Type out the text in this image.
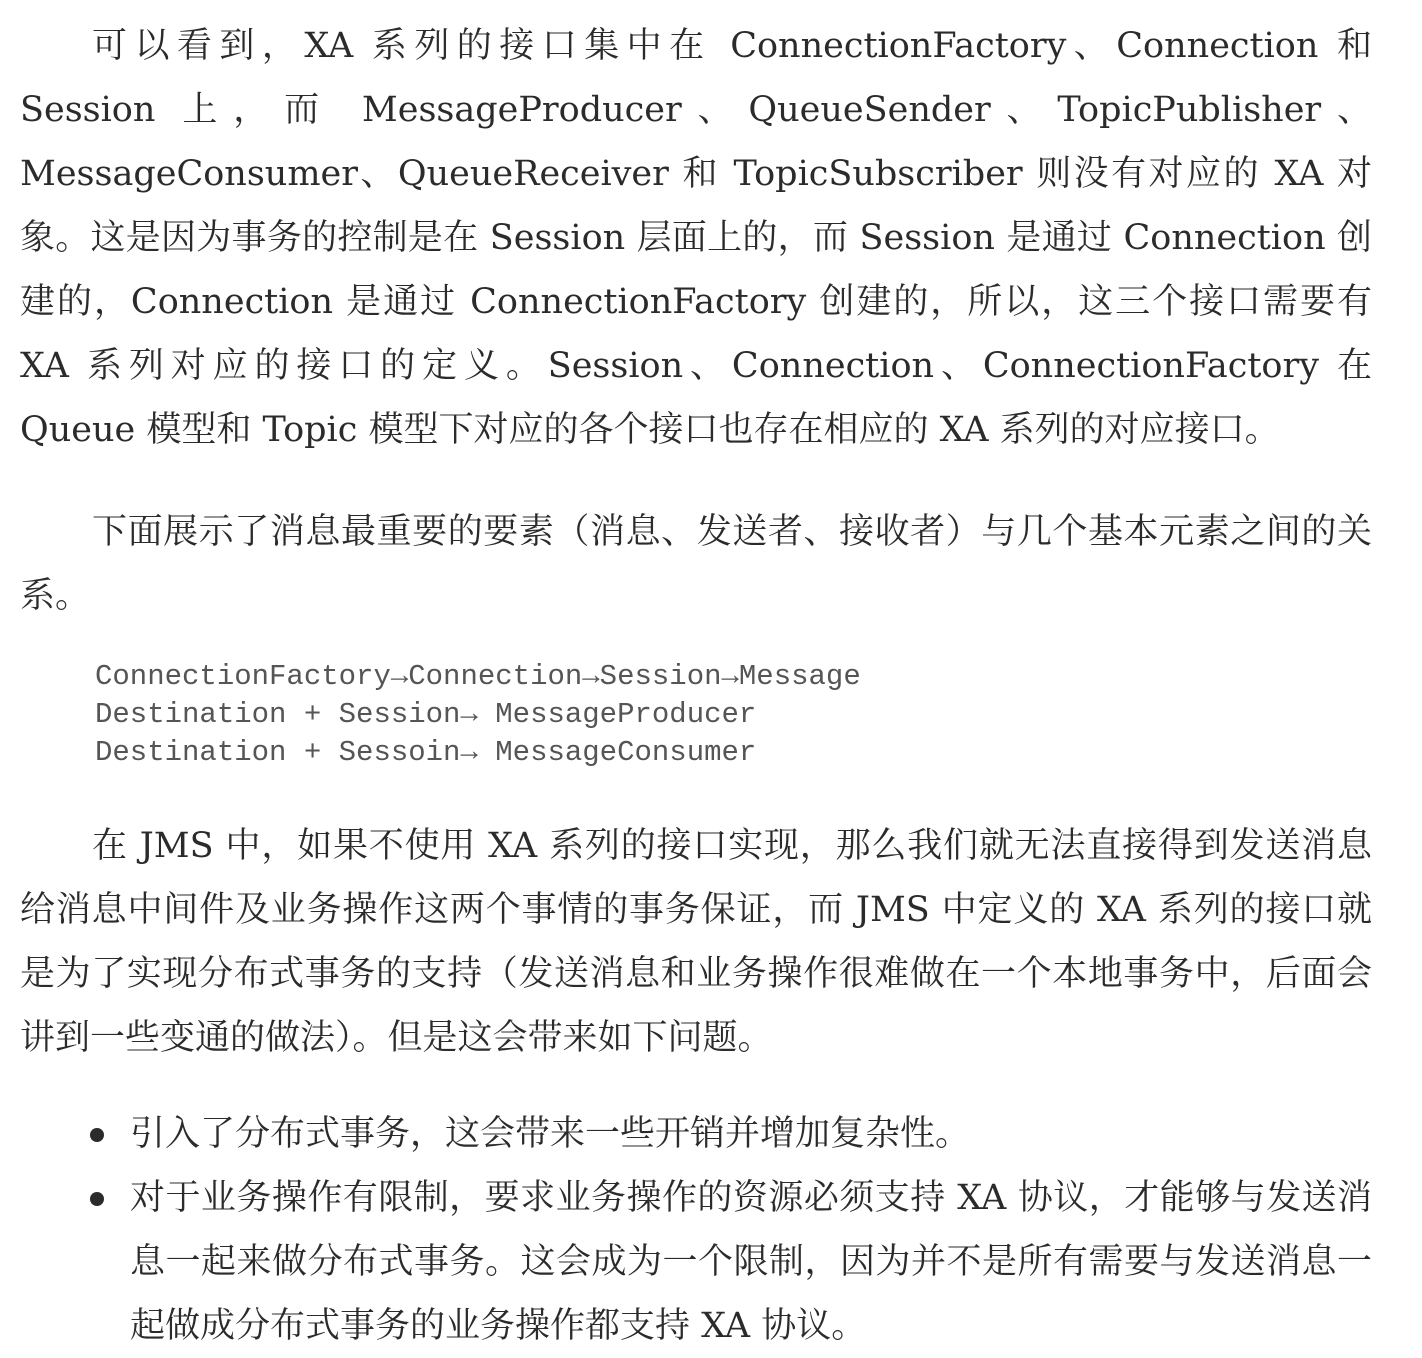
可以看到，XA 系列的接口集中在 ConnectionFactory、Connection 和 Session 上，而 MessageProducer、QueueSender、TopicPublisher、MessageConsumer、QueueReceiver 和 TopicSubscriber 则没有对应的 XA 对象。这是因为事务的控制是在 Session 层面上的，而 Session 是通过 Connection 创建的，Connection 是通过 ConnectionFactory 创建的，所以，这三个接口需要有 XA 系列对应的接口的定义。Session、Connection、ConnectionFactory 在 Queue 模型和 Topic 模型下对应的各个接口也存在相应的 XA 系列的对应接口。

下面展示了消息最重要的要素（消息、发送者、接收者）与几个基本元素之间的关系。

ConnectionFactory→Connection→Session→Message
Destination + Session→ MessageProducer
Destination + Sessoin→ MessageConsumer

在 JMS 中，如果不使用 XA 系列的接口实现，那么我们就无法直接得到发送消息给消息中间件及业务操作这两个事情的事务保证，而 JMS 中定义的 XA 系列的接口就是为了实现分布式事务的支持（发送消息和业务操作很难做在一个本地事务中，后面会讲到一些变通的做法）。但是这会带来如下问题。

引入了分布式事务，这会带来一些开销并增加复杂性。
对于业务操作有限制，要求业务操作的资源必须支持 XA 协议，才能够与发送消息一起来做分布式事务。这会成为一个限制，因为并不是所有需要与发送消息一起做成分布式事务的业务操作都支持 XA 协议。
